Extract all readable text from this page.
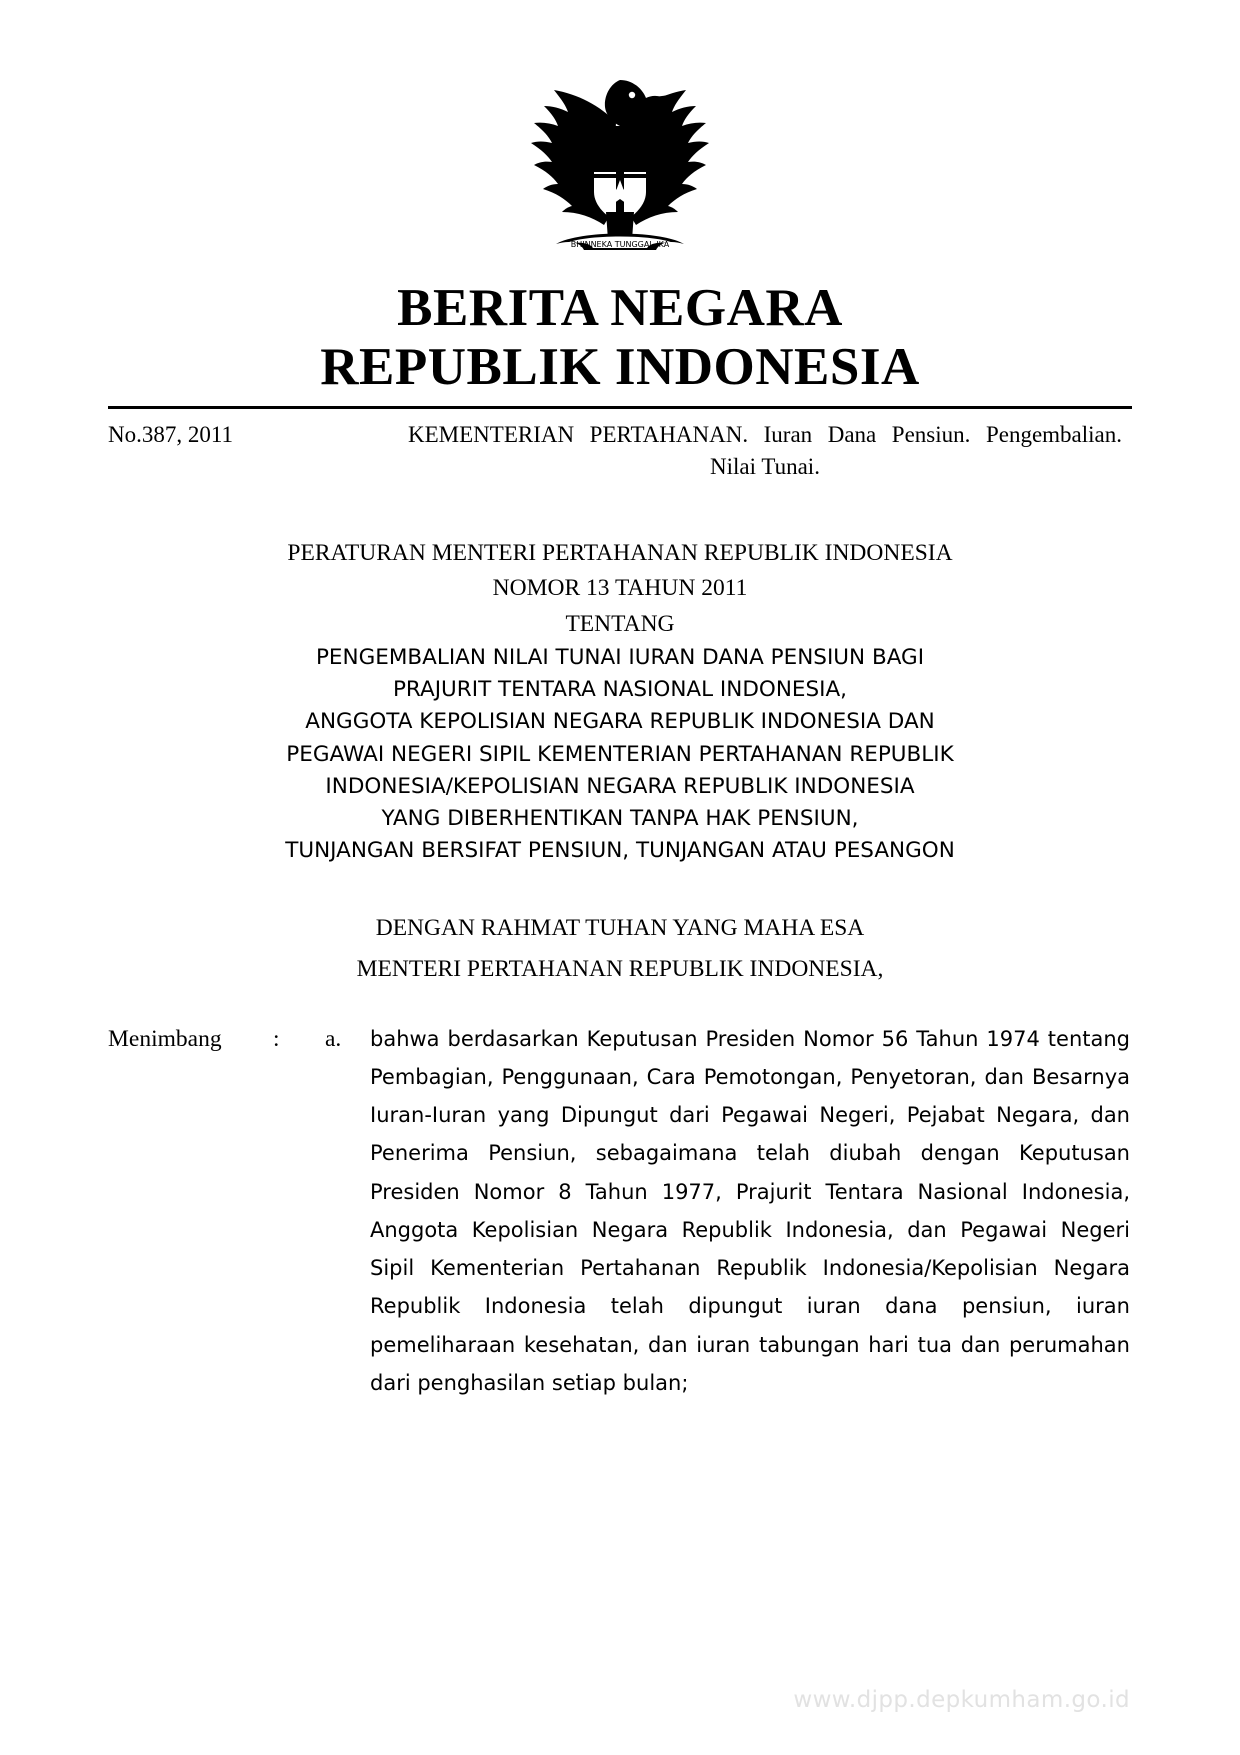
BHINNEKA TUNGGAL IKA
BERITA NEGARA
REPUBLIK INDONESIA
No.387, 2011	KEMENTERIAN PERTAHANAN. Iuran Dana Pensiun. Pengembalian. Nilai Tunai.
PERATURAN MENTERI PERTAHANAN REPUBLIK INDONESIA
NOMOR 13 TAHUN 2011
TENTANG
PENGEMBALIAN NILAI TUNAI IURAN DANA PENSIUN BAGI
PRAJURIT TENTARA NASIONAL INDONESIA,
ANGGOTA KEPOLISIAN NEGARA REPUBLIK INDONESIA DAN
PEGAWAI NEGERI SIPIL KEMENTERIAN PERTAHANAN REPUBLIK
INDONESIA/KEPOLISIAN NEGARA REPUBLIK INDONESIA
YANG DIBERHENTIKAN TANPA HAK PENSIUN,
TUNJANGAN BERSIFAT PENSIUN, TUNJANGAN ATAU PESANGON
DENGAN RAHMAT TUHAN YANG MAHA ESA
MENTERI PERTAHANAN REPUBLIK INDONESIA,
Menimbang	:	a.	bahwa berdasarkan Keputusan Presiden Nomor 56 Tahun 1974 tentang Pembagian, Penggunaan, Cara Pemotongan, Penyetoran, dan Besarnya Iuran-Iuran yang Dipungut dari Pegawai Negeri, Pejabat Negara, dan Penerima Pensiun, sebagaimana telah diubah dengan Keputusan Presiden Nomor 8 Tahun 1977, Prajurit Tentara Nasional Indonesia, Anggota Kepolisian Negara Republik Indonesia, dan Pegawai Negeri Sipil Kementerian Pertahanan Republik Indonesia/Kepolisian Negara Republik Indonesia telah dipungut iuran dana pensiun, iuran pemeliharaan kesehatan, dan iuran tabungan hari tua dan perumahan dari penghasilan setiap bulan;
www.djpp.depkumham.go.id
